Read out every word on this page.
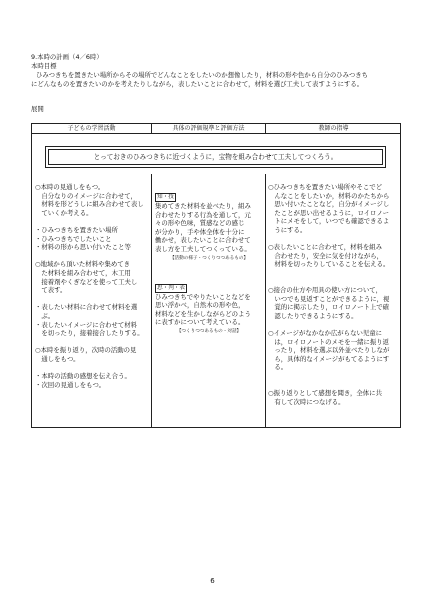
9.本時の計画（4／6時）
本時目標
ひみつきちを置きたい場所からその場所でどんなことをしたいのか想像したり，材料の形や色から自分のひみつきち
にどんなものを置きたいのかを考えたりしながら，表したいことに合わせて，材料を選び工夫して表すようにする。
展開
子どもの学習活動	具体の評価規準と評価方法	教師の指導
とっておきのひみつきちに近づくように，宝物を組み合わせて工夫してつくろう。
○本時の見通しをもつ。
　自分なりのイメージに合わせて，
　材料を形どうしに組み合わせて表し
　ていくか考える。

・ひみつきちを置きたい場所
・ひみつきちでしたいこと
・材料の形から思い付いたこと等

○地域から頂いた材料や集めてき
　た材料を組み合わせて，木工用
　接着剤やくぎなどを使って工夫し
　て表す。

・表したい材料に合わせて材料を選
　ぶ。
・表したいイメージに合わせて材料
　を切ったり，接着接合したりする。

○本時を振り返り，次時の活動の見
　通しをもつ。

・本時の活動の感想を伝え合う。
・次回の見通しをもつ。
知・技
集めてきた材料を並べたり，組み
合わせたりする行為を通して，元
々の形や色味，質感などの感じ
が分かり，手や体全体を十分に
働かせ，表したいことに合わせて
表し方を工夫してつくっている。
【活動の様子・つくりつつあるもの】
思・判・表
ひみつきちでやりたいことなどを
思い浮かべ，自然木の形や色，
材料などを生かしながらどのよう
に表すかについて考えている。
【つくりつつあるもの・対話】
○ひみつきちを置きたい場所やそこでど
　んなことをしたいか，材料のかたちから
　思い付いたことなど，自分がイメージし
　たことが思い出せるように，ロイロノー
　トにメモをして，いつでも確認できるよ
　うにする。

○表したいことに合わせて，材料を組み
　合わせたり，安全に気を付けながら，
　材料を切ったりしていることを伝える。

○接合の仕方や用具の使い方について，
　いつでも見返すことができるように，視
　覚的に掲示したり，ロイロノート上で確
　認したりできるようにする。

○イメージがなかなか広がらない児童に
　は，ロイロノートのメモを一緒に振り返
　ったり，材料を選ぶ以外並べたりしなが
　ら，具体的なイメージがもてるようにす
　る。

○振り返りとして感想を聞き，全体に共
　有して次時につなげる。
6
